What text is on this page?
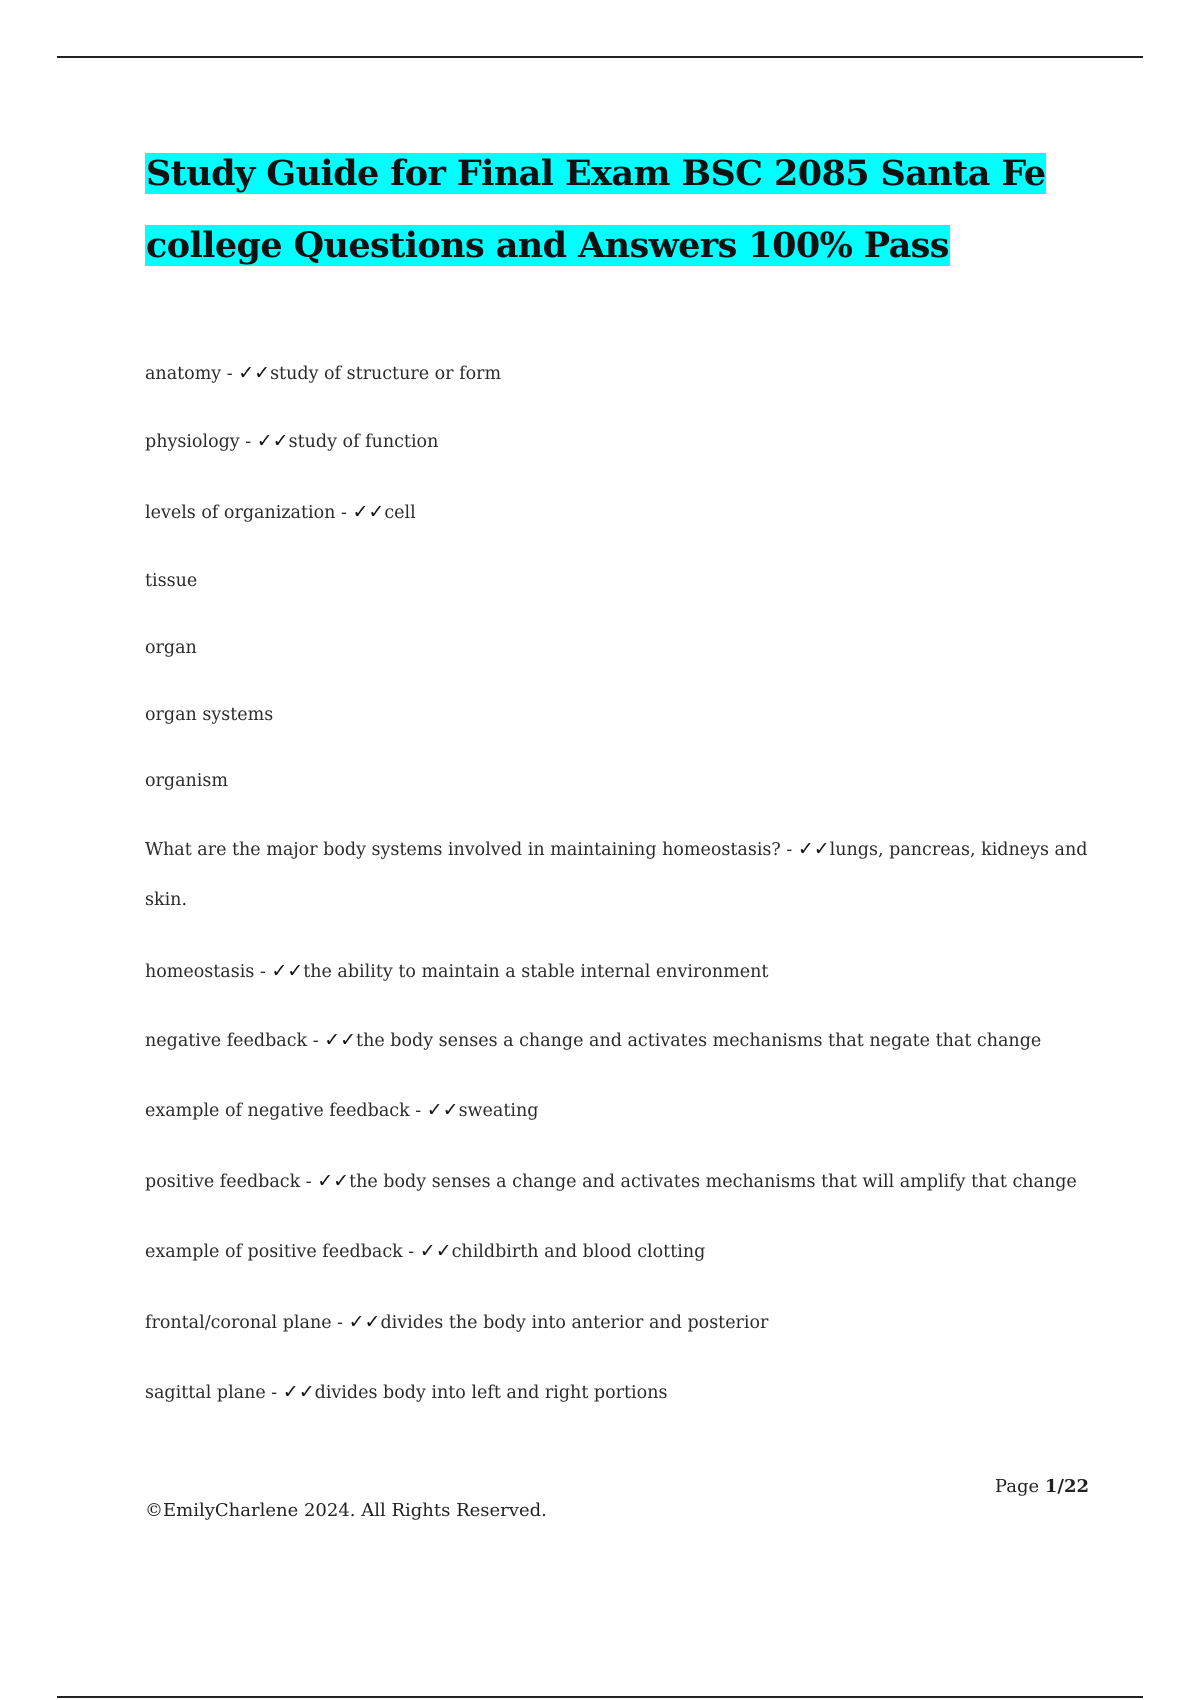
Study Guide for Final Exam BSC 2085 Santa Fe
college Questions and Answers 100% Pass
anatomy - ✓✓study of structure or form
physiology - ✓✓study of function
levels of organization - ✓✓cell
tissue
organ
organ systems
organism
What are the major body systems involved in maintaining homeostasis? - ✓✓lungs, pancreas, kidneys and skin.
homeostasis - ✓✓the ability to maintain a stable internal environment
negative feedback - ✓✓the body senses a change and activates mechanisms that negate that change
example of negative feedback - ✓✓sweating
positive feedback - ✓✓the body senses a change and activates mechanisms that will amplify that change
example of positive feedback - ✓✓childbirth and blood clotting
frontal/coronal plane - ✓✓divides the body into anterior and posterior
sagittal plane - ✓✓divides body into left and right portions
Page 1/22
©EmilyCharlene 2024. All Rights Reserved.
